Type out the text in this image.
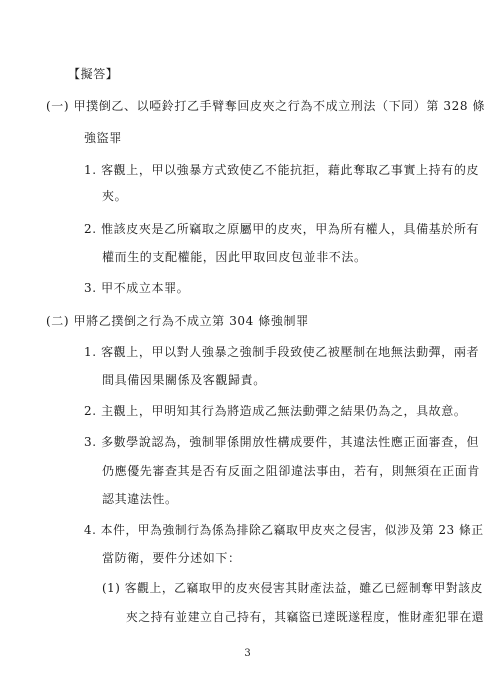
【擬答】
(一) 甲撲倒乙、以啞鈴打乙手臂奪回皮夾之行為不成立刑法（下同）第 328 條
強盜罪
1. 客觀上，甲以強暴方式致使乙不能抗拒，藉此奪取乙事實上持有的皮
夾。
2. 惟該皮夾是乙所竊取之原屬甲的皮夾，甲為所有權人，具備基於所有
權而生的支配權能，因此甲取回皮包並非不法。
3. 甲不成立本罪。
(二) 甲將乙撲倒之行為不成立第 304 條強制罪
1. 客觀上，甲以對人強暴之強制手段致使乙被壓制在地無法動彈，兩者
間具備因果關係及客觀歸責。
2. 主觀上，甲明知其行為將造成乙無法動彈之結果仍為之，具故意。
3. 多數學說認為，強制罪係開放性構成要件，其違法性應正面審查，但
仍應優先審查其是否有反面之阻卻違法事由，若有，則無須在正面肯
認其違法性。
4. 本件，甲為強制行為係為排除乙竊取甲皮夾之侵害，似涉及第 23 條正
當防衛，要件分述如下：
(1) 客觀上，乙竊取甲的皮夾侵害其財產法益，雖乙已經制奪甲對該皮
夾之持有並建立自己持有，其竊盜已達既遂程度，惟財產犯罪在還
3
